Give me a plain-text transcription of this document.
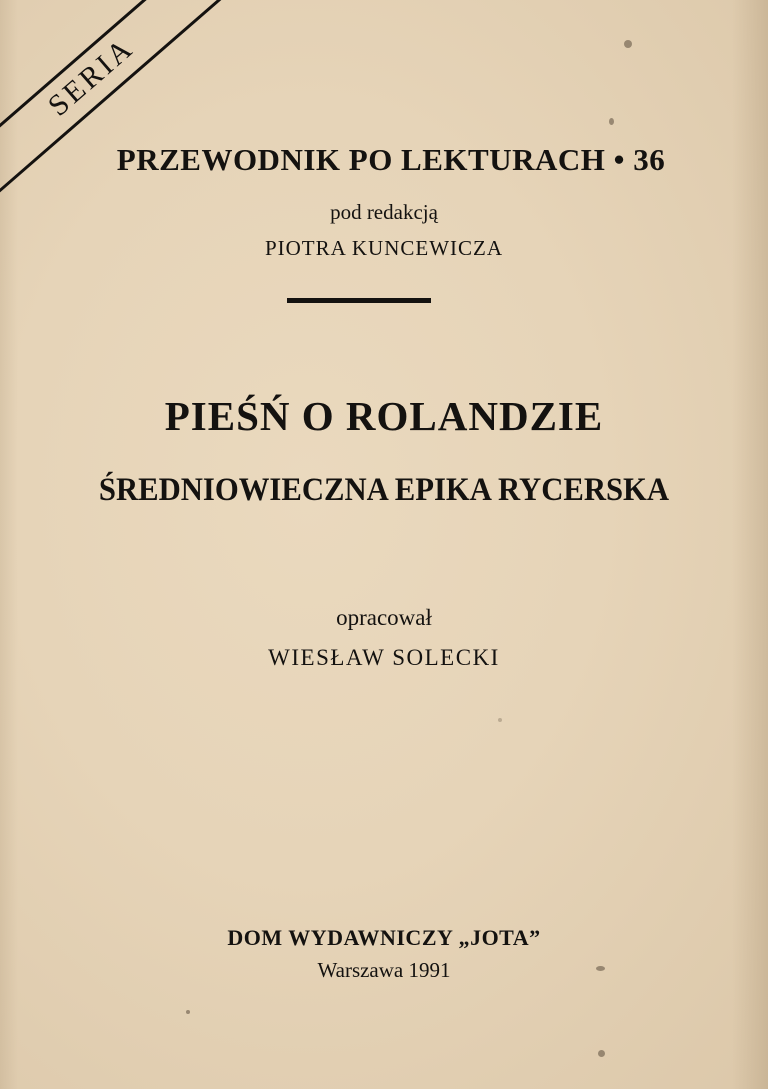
SERIA
PRZEWODNIK PO LEKTURACH • 36
pod redakcją
PIOTRA KUNCEWICZA
PIEŚŃ O ROLANDZIE
ŚREDNIOWIECZNA EPIKA RYCERSKA
opracował
WIESŁAW SOLECKI
DOM WYDAWNICZY „JOTA”
Warszawa 1991
